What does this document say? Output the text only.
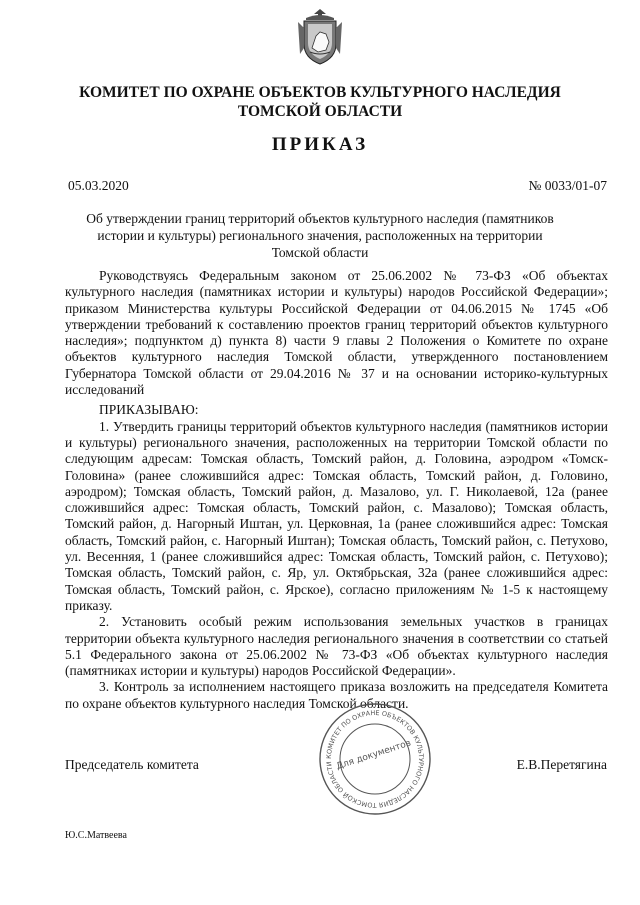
КОМИТЕТ ПО ОХРАНЕ ОБЪЕКТОВ КУЛЬТУРНОГО НАСЛЕДИЯ
ТОМСКОЙ ОБЛАСТИ
ПРИКАЗ
05.03.2020	№ 0033/01-07
Об утверждении границ территорий объектов культурного наследия (памятников истории и культуры) регионального значения, расположенных на территории Томской области

Руководствуясь Федеральным законом от 25.06.2002 № 73-ФЗ «Об объектах культурного наследия (памятниках истории и культуры) народов Российской Федерации»; приказом Министерства культуры Российской Федерации от 04.06.2015 № 1745 «Об утверждении требований к составлению проектов границ территорий объектов культурного наследия»; подпунктом д) пункта 8) части 9 главы 2 Положения о Комитете по охране объектов культурного наследия Томской области, утвержденного постановлением Губернатора Томской области от 29.04.2016 № 37 и на основании историко-культурных исследований

ПРИКАЗЫВАЮ:

1. Утвердить границы территорий объектов культурного наследия (памятников истории и культуры) регионального значения, расположенных на территории Томской области по следующим адресам: Томская область, Томский район, д. Головина, аэродром «Томск-Головина» (ранее сложившийся адрес: Томская область, Томский район, д. Головино, аэродром); Томская область, Томский район, д. Мазалово, ул. Г. Николаевой, 12а (ранее сложившийся адрес: Томская область, Томский район, с. Мазалово); Томская область, Томский район, д. Нагорный Иштан, ул. Церковная, 1а (ранее сложившийся адрес: Томская область, Томский район, с. Нагорный Иштан); Томская область, Томский район, с. Петухово, ул. Весенняя, 1 (ранее сложившийся адрес: Томская область, Томский район, с. Петухово); Томская область, Томский район, с. Яр, ул. Октябрьская, 32а (ранее сложившийся адрес: Томская область, Томский район, с. Ярское), согласно приложениям № 1-5 к настоящему приказу.

2. Установить особый режим использования земельных участков в границах территории объекта культурного наследия регионального значения в соответствии со статьей 5.1 Федерального закона от 25.06.2002 № 73-ФЗ «Об объектах культурного наследия (памятниках истории и культуры) народов Российской Федерации».

3. Контроль за исполнением настоящего приказа возложить на председателя Комитета по охране объектов культурного наследия Томской области.

Председатель комитета
КОМИТЕТ ПО ОХРАНЕ ОБЪЕКТОВ КУЛЬТУРНОГО НАСЛЕДИЯ ТОМСКОЙ ОБЛАСТИ Для документов	Е.В.Перетягина
Ю.С.Матвеева
